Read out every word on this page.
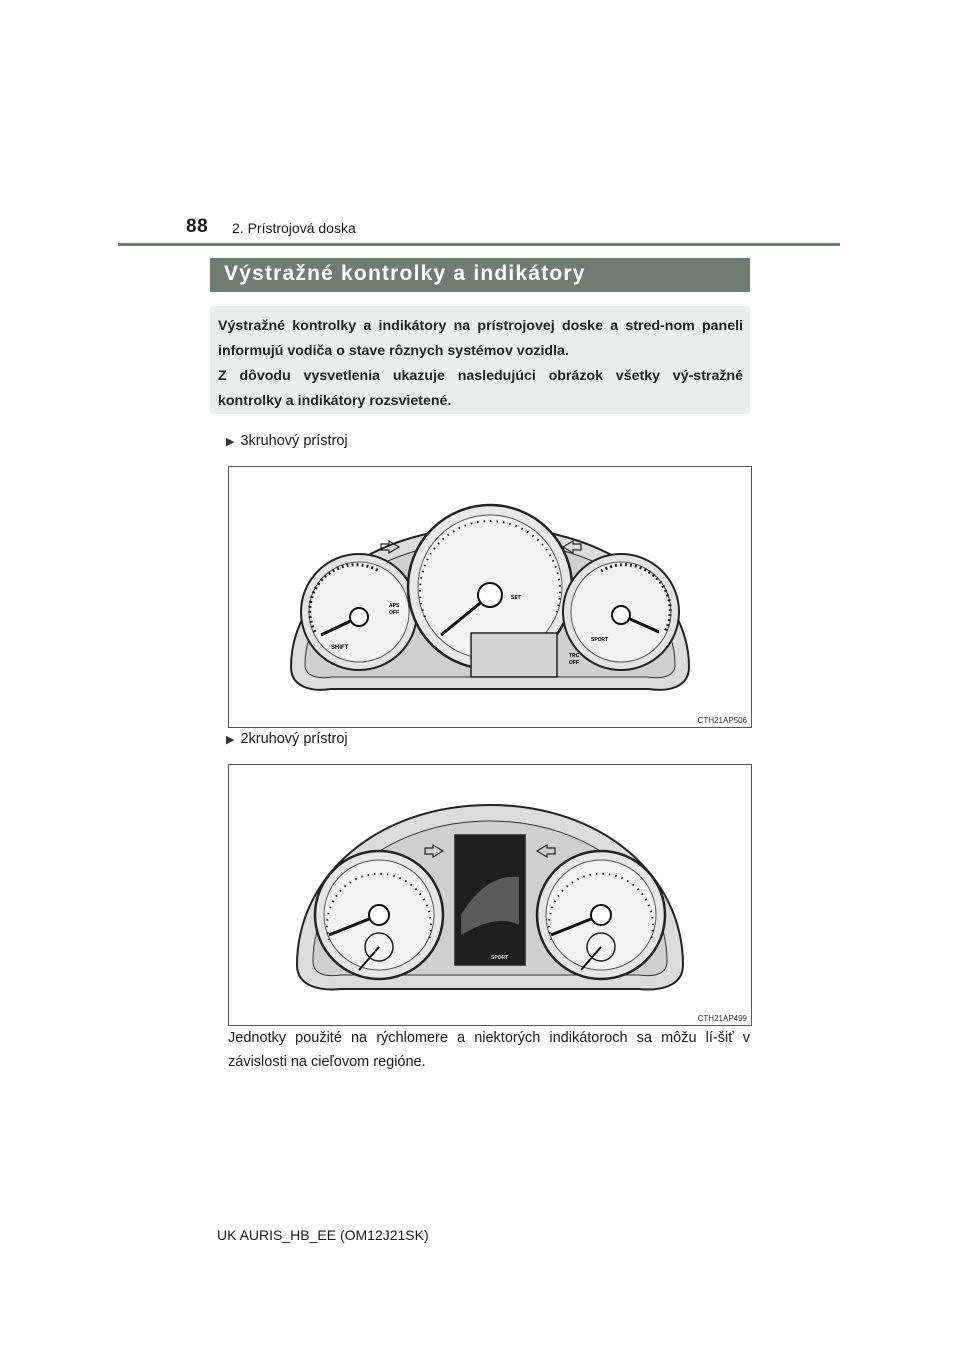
88 2. Prístrojová doska
Výstražné kontrolky a indikátory

Výstražné kontrolky a indikátory na prístrojovej doske a stred-nom paneli informujú vodiča o stave rôznych systémov vozidla.

Z dôvodu vysvetlenia ukazuje nasledujúci obrázok všetky vý-stražné kontrolky a indikátory rozsvietené.

▶ 3kruhový prístroj
SHIFT
APS
OFF
SET
SPORT
TRC
OFF
CTH21AP506
▶ 2kruhový prístroj
SPORT
CTH21AP499

Jednotky použité na rýchlomere a niektorých indikátoroch sa môžu lí-šiť v závislosti na cieľovom regióne.

UK AURIS_HB_EE (OM12J21SK)
